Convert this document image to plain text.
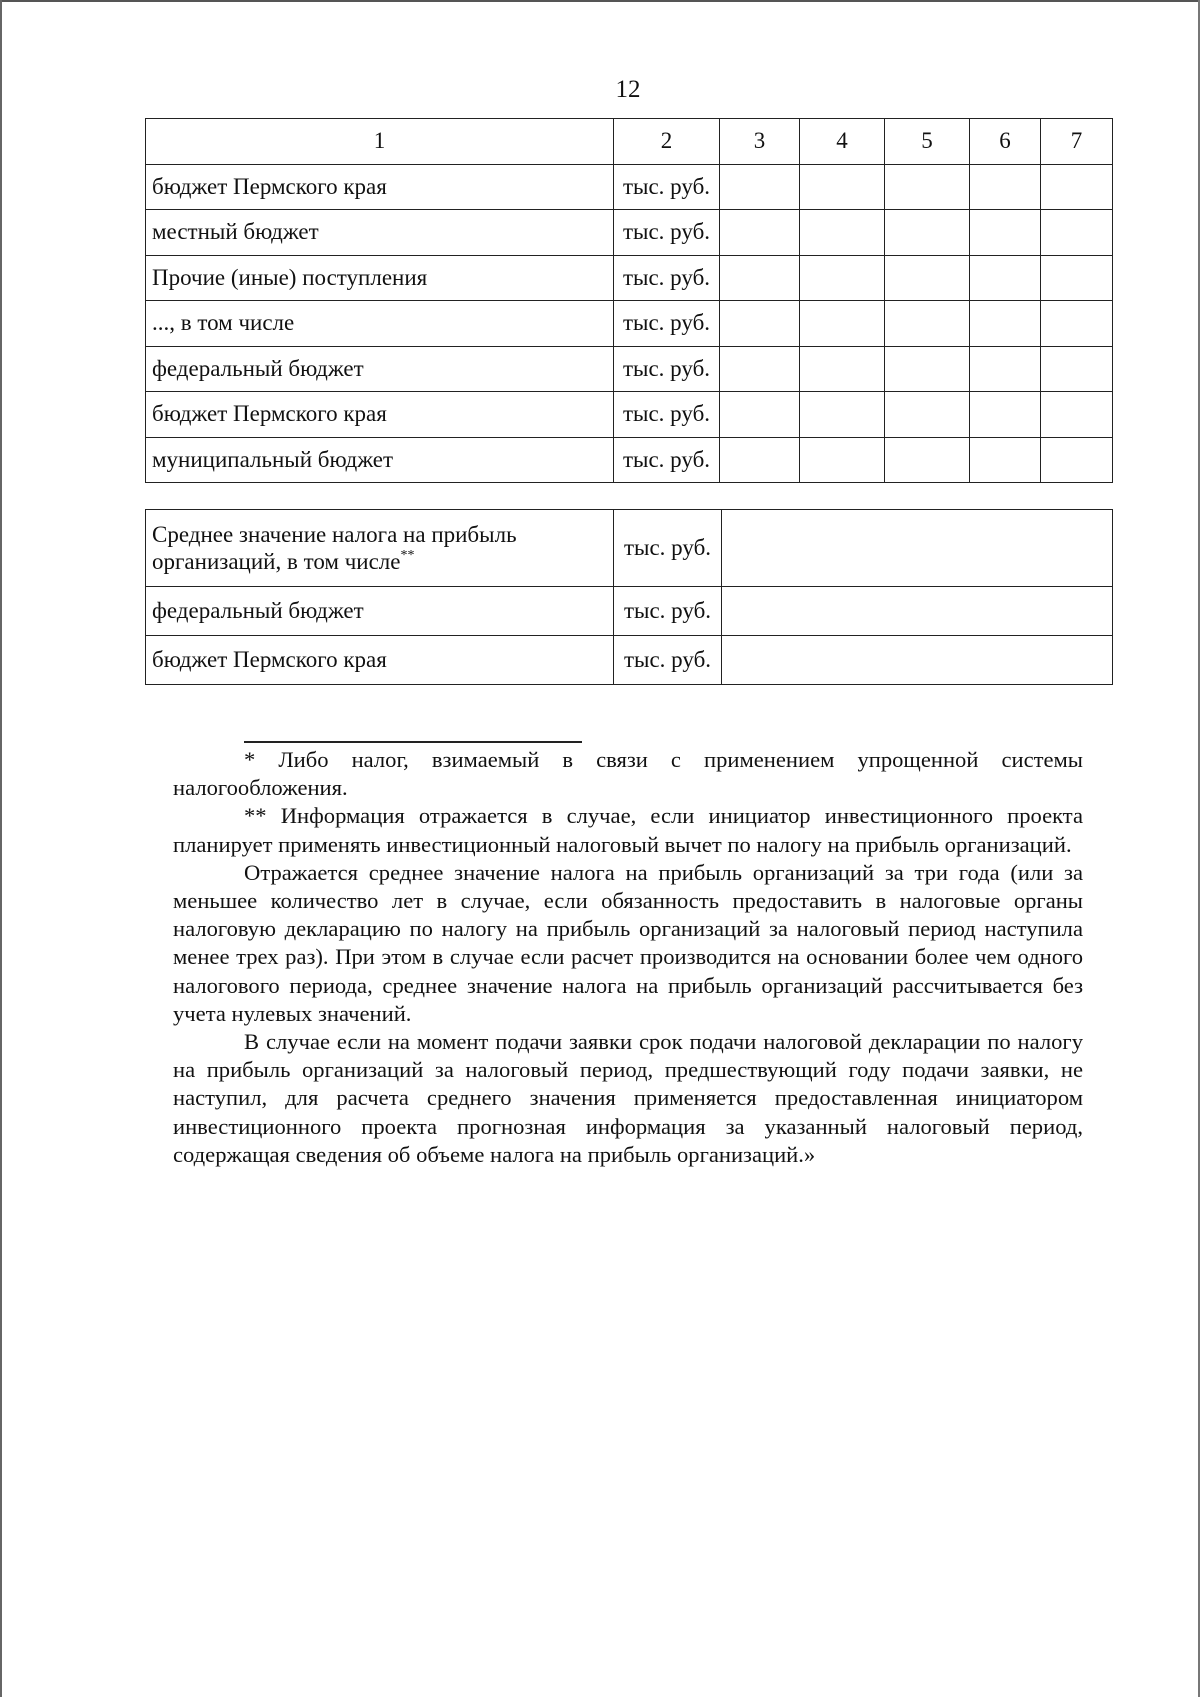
12
1	2	3	4	5	6	7
бюджет Пермского края	тыс. руб.					
местный бюджет	тыс. руб.					
Прочие (иные) поступления	тыс. руб.					
..., в том числе	тыс. руб.					
федеральный бюджет	тыс. руб.					
бюджет Пермского края	тыс. руб.					
муниципальный бюджет	тыс. руб.					
Среднее значение налога на прибыль
организаций, в том числе**	тыс. руб.	
федеральный бюджет	тыс. руб.	
бюджет Пермского края	тыс. руб.	

* Либо налог, взимаемый в связи с применением упрощенной системы налогообложения.

** Информация отражается в случае, если инициатор инвестиционного проекта планирует применять инвестиционный налоговый вычет по налогу на прибыль организаций.

Отражается среднее значение налога на прибыль организаций за три года (или за меньшее количество лет в случае, если обязанность предоставить в налоговые органы налоговую декларацию по налогу на прибыль организаций за налоговый период наступила менее трех раз). При этом в случае если расчет производится на основании более чем одного налогового периода, среднее значение налога на прибыль организаций рассчитывается без учета нулевых значений.

В случае если на момент подачи заявки срок подачи налоговой декларации по налогу на прибыль организаций за налоговый период, предшествующий году подачи заявки, не наступил, для расчета среднего значения применяется предоставленная инициатором инвестиционного проекта прогнозная информация за указанный налоговый период, содержащая сведения об объеме налога на прибыль организаций.»
